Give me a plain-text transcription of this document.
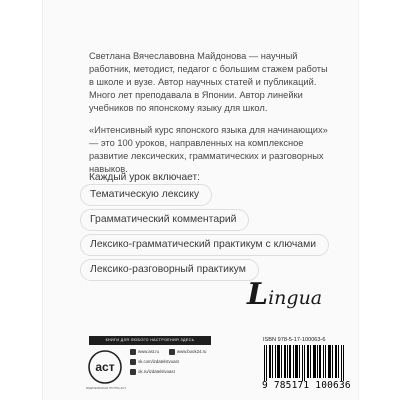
Светлана Вячеславовна Майдонова — научный работник, методист, педагог с большим стажем работы в школе и вузе. Автор научных статей и публикаций. Много лет преподавала в Японии. Автор линейки учебников по японскому языку для школ.
«Интенсивный курс японского языка для начинающих» — это 100 уроков, направленных на комплексное развитие лексических, грамматических и разговорных навыков.
Каждый урок включает:
Тематическую лексику
Грамматический комментарий
Лексико-грамматический практикум с ключами
Лексико-разговорный практикум
Lingua
КНИГИ ДЛЯ ЛЮБОГО НАСТРОЕНИЯ ЗДЕСЬ
аст
ИЗДАТЕЛЬСКАЯ ГРУППА АСТ
www.ast.ru	www.book24.ru
vk.com/izdatelstvoast
ok.ru/izdatelstvoast
ISBN 978-5-17-100063-6
9 785171 100636
